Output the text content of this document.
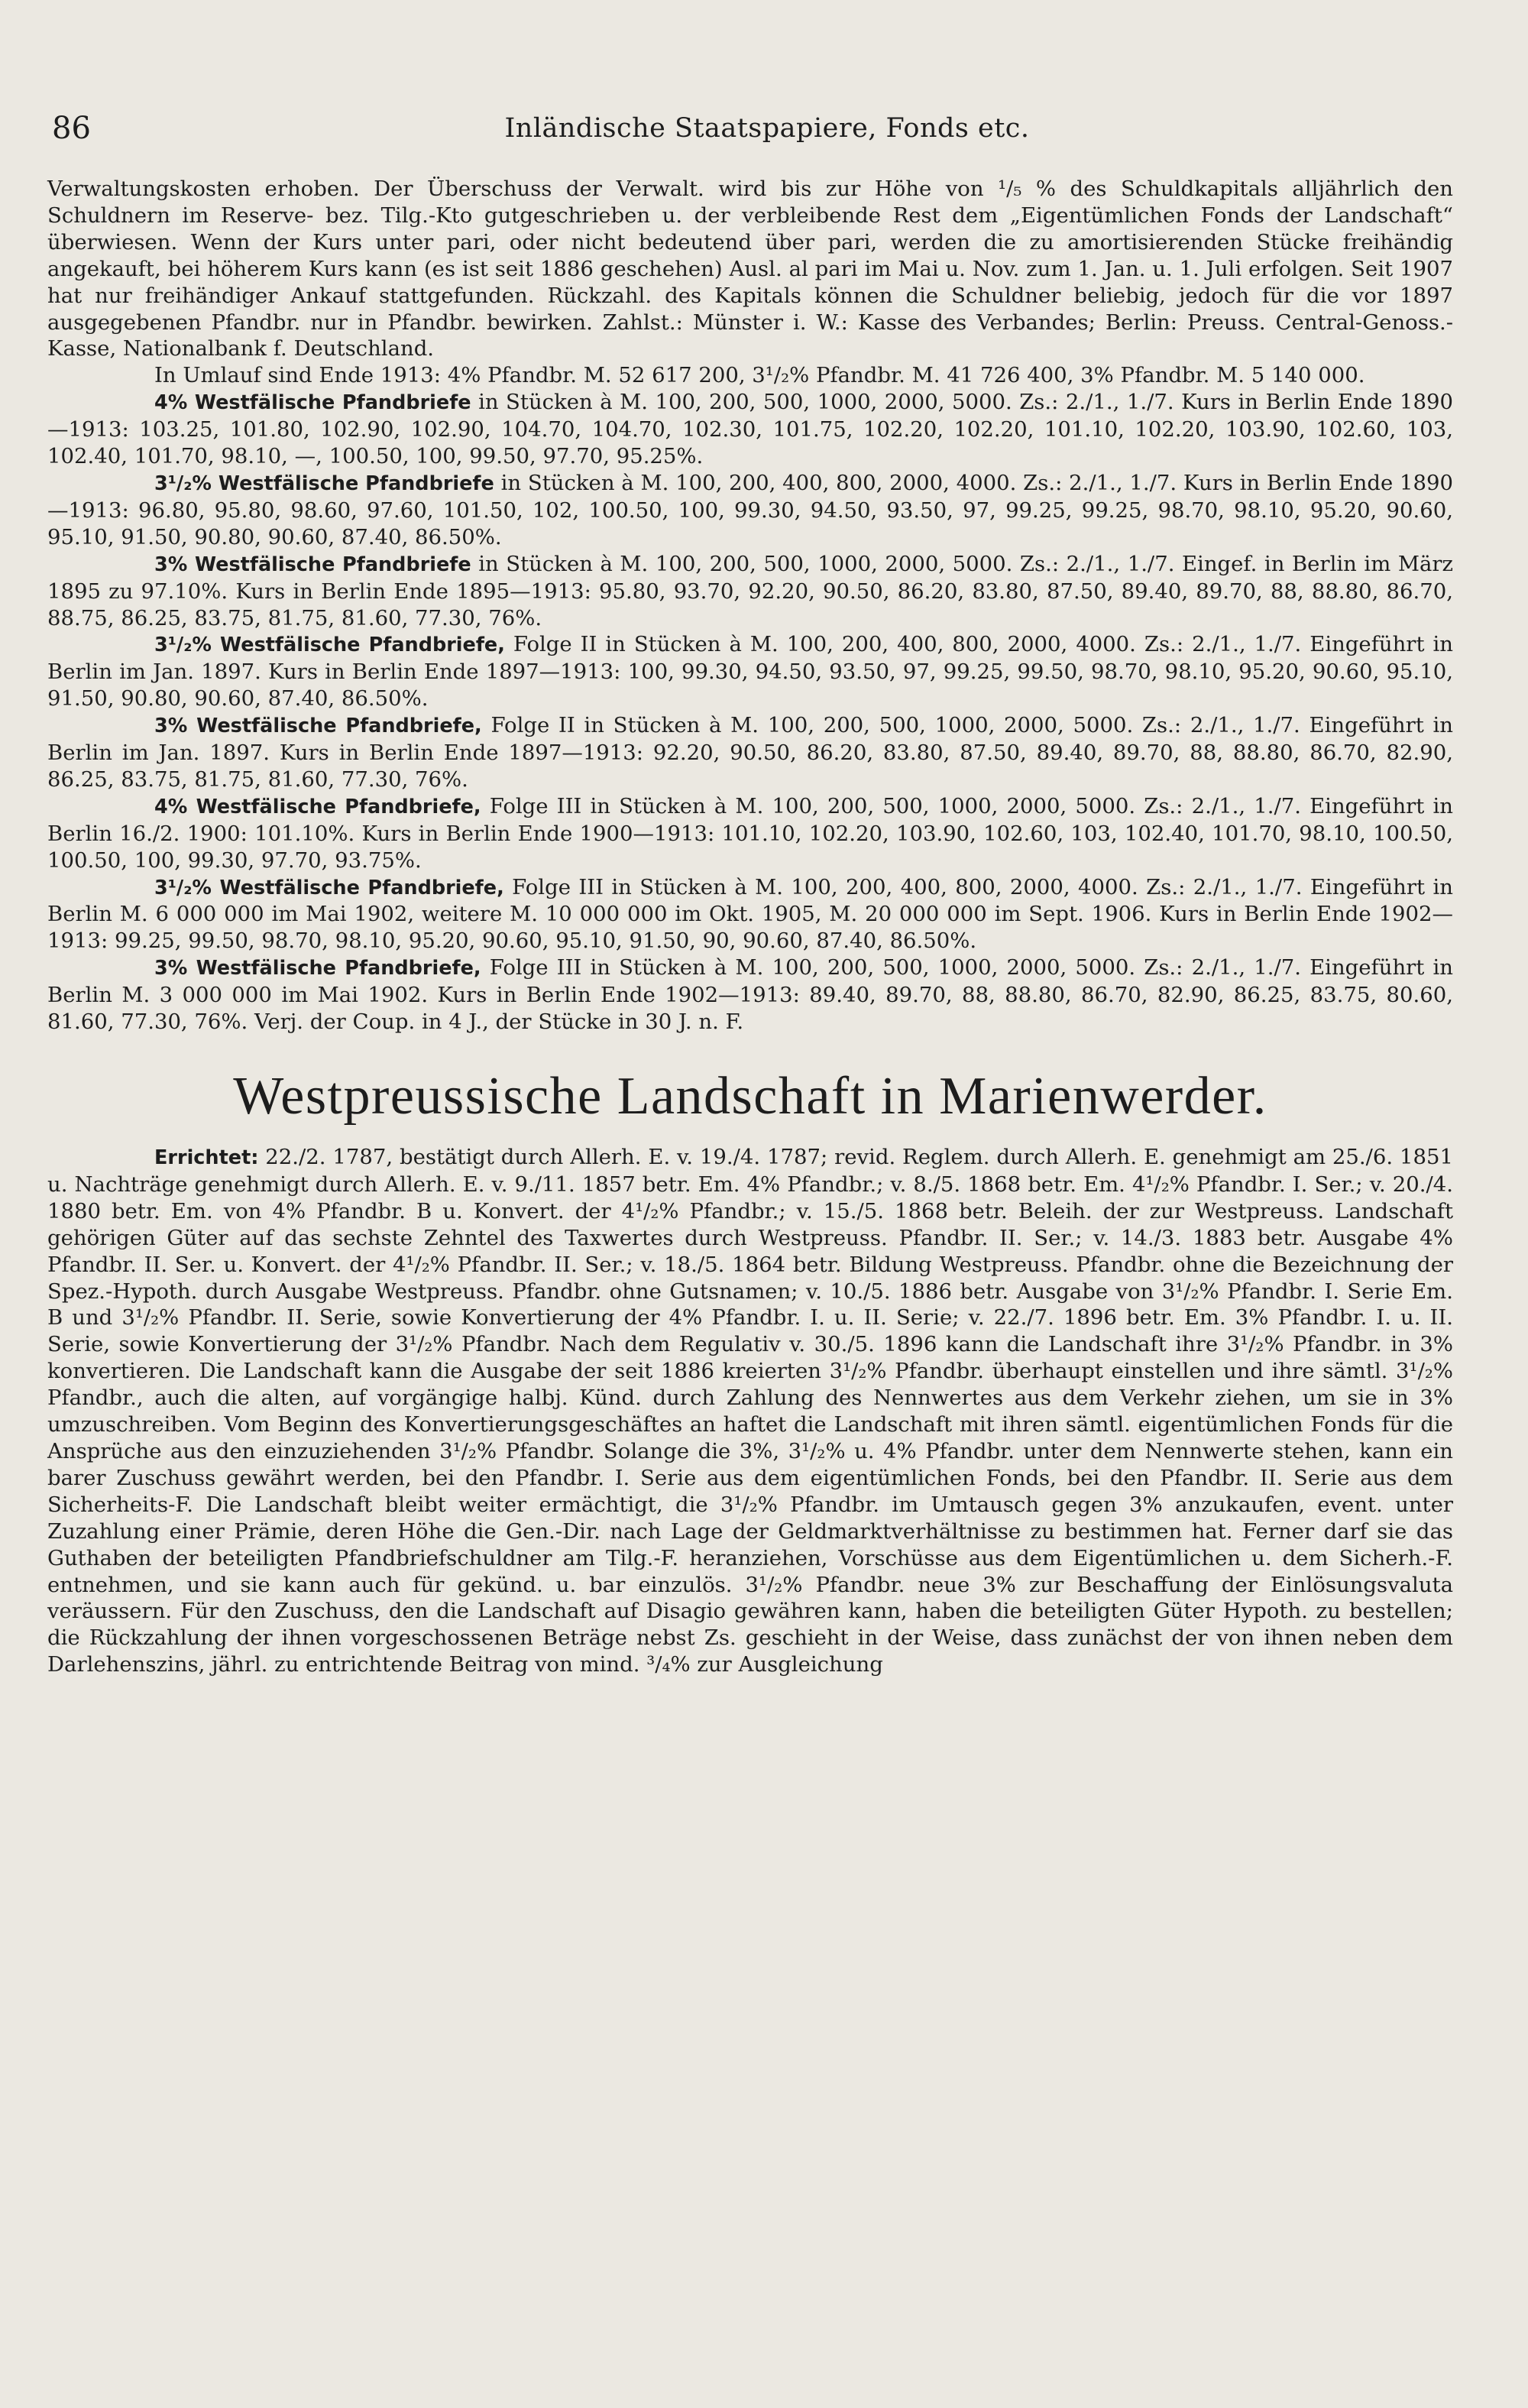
86	Inländische Staatspapiere, Fonds etc.

Verwaltungskosten erhoben. Der Überschuss der Verwalt. wird bis zur Höhe von ¹/₅ % des Schuldkapitals alljährlich den Schuldnern im Reserve- bez. Tilg.-Kto gutgeschrieben u. der verbleibende Rest dem „Eigentümlichen Fonds der Landschaft“ überwiesen. Wenn der Kurs unter pari, oder nicht bedeutend über pari, werden die zu amortisierenden Stücke freihändig angekauft, bei höherem Kurs kann (es ist seit 1886 geschehen) Ausl. al pari im Mai u. Nov. zum 1. Jan. u. 1. Juli erfolgen. Seit 1907 hat nur freihändiger Ankauf stattgefunden. Rückzahl. des Kapitals können die Schuldner beliebig, jedoch für die vor 1897 ausgegebenen Pfandbr. nur in Pfandbr. bewirken. Zahlst.: Münster i. W.: Kasse des Verbandes; Berlin: Preuss. Central-Genoss.-Kasse, Nationalbank f. Deutschland.

In Umlauf sind Ende 1913: 4% Pfandbr. M. 52 617 200, 3¹/₂% Pfandbr. M. 41 726 400, 3% Pfandbr. M. 5 140 000.

4% Westfälische Pfandbriefe in Stücken à M. 100, 200, 500, 1000, 2000, 5000. Zs.: 2./1., 1./7. Kurs in Berlin Ende 1890—1913: 103.25, 101.80, 102.90, 102.90, 104.70, 104.70, 102.30, 101.75, 102.20, 102.20, 101.10, 102.20, 103.90, 102.60, 103, 102.40, 101.70, 98.10, —, 100.50, 100, 99.50, 97.70, 95.25%.

3¹/₂% Westfälische Pfandbriefe in Stücken à M. 100, 200, 400, 800, 2000, 4000. Zs.: 2./1., 1./7. Kurs in Berlin Ende 1890—1913: 96.80, 95.80, 98.60, 97.60, 101.50, 102, 100.50, 100, 99.30, 94.50, 93.50, 97, 99.25, 99.25, 98.70, 98.10, 95.20, 90.60, 95.10, 91.50, 90.80, 90.60, 87.40, 86.50%.

3% Westfälische Pfandbriefe in Stücken à M. 100, 200, 500, 1000, 2000, 5000. Zs.: 2./1., 1./7. Eingef. in Berlin im März 1895 zu 97.10%. Kurs in Berlin Ende 1895—1913: 95.80, 93.70, 92.20, 90.50, 86.20, 83.80, 87.50, 89.40, 89.70, 88, 88.80, 86.70, 88.75, 86.25, 83.75, 81.75, 81.60, 77.30, 76%.

3¹/₂% Westfälische Pfandbriefe, Folge II in Stücken à M. 100, 200, 400, 800, 2000, 4000. Zs.: 2./1., 1./7. Eingeführt in Berlin im Jan. 1897. Kurs in Berlin Ende 1897—1913: 100, 99.30, 94.50, 93.50, 97, 99.25, 99.50, 98.70, 98.10, 95.20, 90.60, 95.10, 91.50, 90.80, 90.60, 87.40, 86.50%.

3% Westfälische Pfandbriefe, Folge II in Stücken à M. 100, 200, 500, 1000, 2000, 5000. Zs.: 2./1., 1./7. Eingeführt in Berlin im Jan. 1897. Kurs in Berlin Ende 1897—1913: 92.20, 90.50, 86.20, 83.80, 87.50, 89.40, 89.70, 88, 88.80, 86.70, 82.90, 86.25, 83.75, 81.75, 81.60, 77.30, 76%.

4% Westfälische Pfandbriefe, Folge III in Stücken à M. 100, 200, 500, 1000, 2000, 5000. Zs.: 2./1., 1./7. Eingeführt in Berlin 16./2. 1900: 101.10%. Kurs in Berlin Ende 1900—1913: 101.10, 102.20, 103.90, 102.60, 103, 102.40, 101.70, 98.10, 100.50, 100.50, 100, 99.30, 97.70, 93.75%.

3¹/₂% Westfälische Pfandbriefe, Folge III in Stücken à M. 100, 200, 400, 800, 2000, 4000. Zs.: 2./1., 1./7. Eingeführt in Berlin M. 6 000 000 im Mai 1902, weitere M. 10 000 000 im Okt. 1905, M. 20 000 000 im Sept. 1906. Kurs in Berlin Ende 1902—1913: 99.25, 99.50, 98.70, 98.10, 95.20, 90.60, 95.10, 91.50, 90, 90.60, 87.40, 86.50%.

3% Westfälische Pfandbriefe, Folge III in Stücken à M. 100, 200, 500, 1000, 2000, 5000. Zs.: 2./1., 1./7. Eingeführt in Berlin M. 3 000 000 im Mai 1902. Kurs in Berlin Ende 1902—1913: 89.40, 89.70, 88, 88.80, 86.70, 82.90, 86.25, 83.75, 80.60, 81.60, 77.30, 76%. Verj. der Coup. in 4 J., der Stücke in 30 J. n. F.

Westpreussische Landschaft in Marienwerder.

Errichtet: 22./2. 1787, bestätigt durch Allerh. E. v. 19./4. 1787; revid. Reglem. durch Allerh. E. genehmigt am 25./6. 1851 u. Nachträge genehmigt durch Allerh. E. v. 9./11. 1857 betr. Em. 4% Pfandbr.; v. 8./5. 1868 betr. Em. 4¹/₂% Pfandbr. I. Ser.; v. 20./4. 1880 betr. Em. von 4% Pfandbr. B u. Konvert. der 4¹/₂% Pfandbr.; v. 15./5. 1868 betr. Beleih. der zur Westpreuss. Landschaft gehörigen Güter auf das sechste Zehntel des Taxwertes durch Westpreuss. Pfandbr. II. Ser.; v. 14./3. 1883 betr. Ausgabe 4% Pfandbr. II. Ser. u. Konvert. der 4¹/₂% Pfandbr. II. Ser.; v. 18./5. 1864 betr. Bildung Westpreuss. Pfandbr. ohne die Bezeichnung der Spez.-Hypoth. durch Ausgabe Westpreuss. Pfandbr. ohne Gutsnamen; v. 10./5. 1886 betr. Ausgabe von 3¹/₂% Pfandbr. I. Serie Em. B und 3¹/₂% Pfandbr. II. Serie, sowie Konvertierung der 4% Pfandbr. I. u. II. Serie; v. 22./7. 1896 betr. Em. 3% Pfandbr. I. u. II. Serie, sowie Konvertierung der 3¹/₂% Pfandbr. Nach dem Regulativ v. 30./5. 1896 kann die Landschaft ihre 3¹/₂% Pfandbr. in 3% konvertieren. Die Landschaft kann die Ausgabe der seit 1886 kreierten 3¹/₂% Pfandbr. überhaupt einstellen und ihre sämtl. 3¹/₂% Pfandbr., auch die alten, auf vorgängige halbj. Künd. durch Zahlung des Nennwertes aus dem Verkehr ziehen, um sie in 3% umzuschreiben. Vom Beginn des Konvertierungsgeschäftes an haftet die Landschaft mit ihren sämtl. eigentümlichen Fonds für die Ansprüche aus den einzuziehenden 3¹/₂% Pfandbr. Solange die 3%, 3¹/₂% u. 4% Pfandbr. unter dem Nennwerte stehen, kann ein barer Zuschuss gewährt werden, bei den Pfandbr. I. Serie aus dem eigentümlichen Fonds, bei den Pfandbr. II. Serie aus dem Sicherheits-F. Die Landschaft bleibt weiter ermächtigt, die 3¹/₂% Pfandbr. im Umtausch gegen 3% anzukaufen, event. unter Zuzahlung einer Prämie, deren Höhe die Gen.-Dir. nach Lage der Geldmarktverhältnisse zu bestimmen hat. Ferner darf sie das Guthaben der beteiligten Pfandbriefschuldner am Tilg.-F. heranziehen, Vorschüsse aus dem Eigentümlichen u. dem Sicherh.-F. entnehmen, und sie kann auch für gekünd. u. bar einzulös. 3¹/₂% Pfandbr. neue 3% zur Beschaffung der Einlösungsvaluta veräussern. Für den Zuschuss, den die Landschaft auf Disagio gewähren kann, haben die beteiligten Güter Hypoth. zu bestellen; die Rückzahlung der ihnen vorgeschossenen Beträge nebst Zs. geschieht in der Weise, dass zunächst der von ihnen neben dem Darlehenszins, jährl. zu entrichtende Beitrag von mind. ³/₄% zur Ausgleichung
